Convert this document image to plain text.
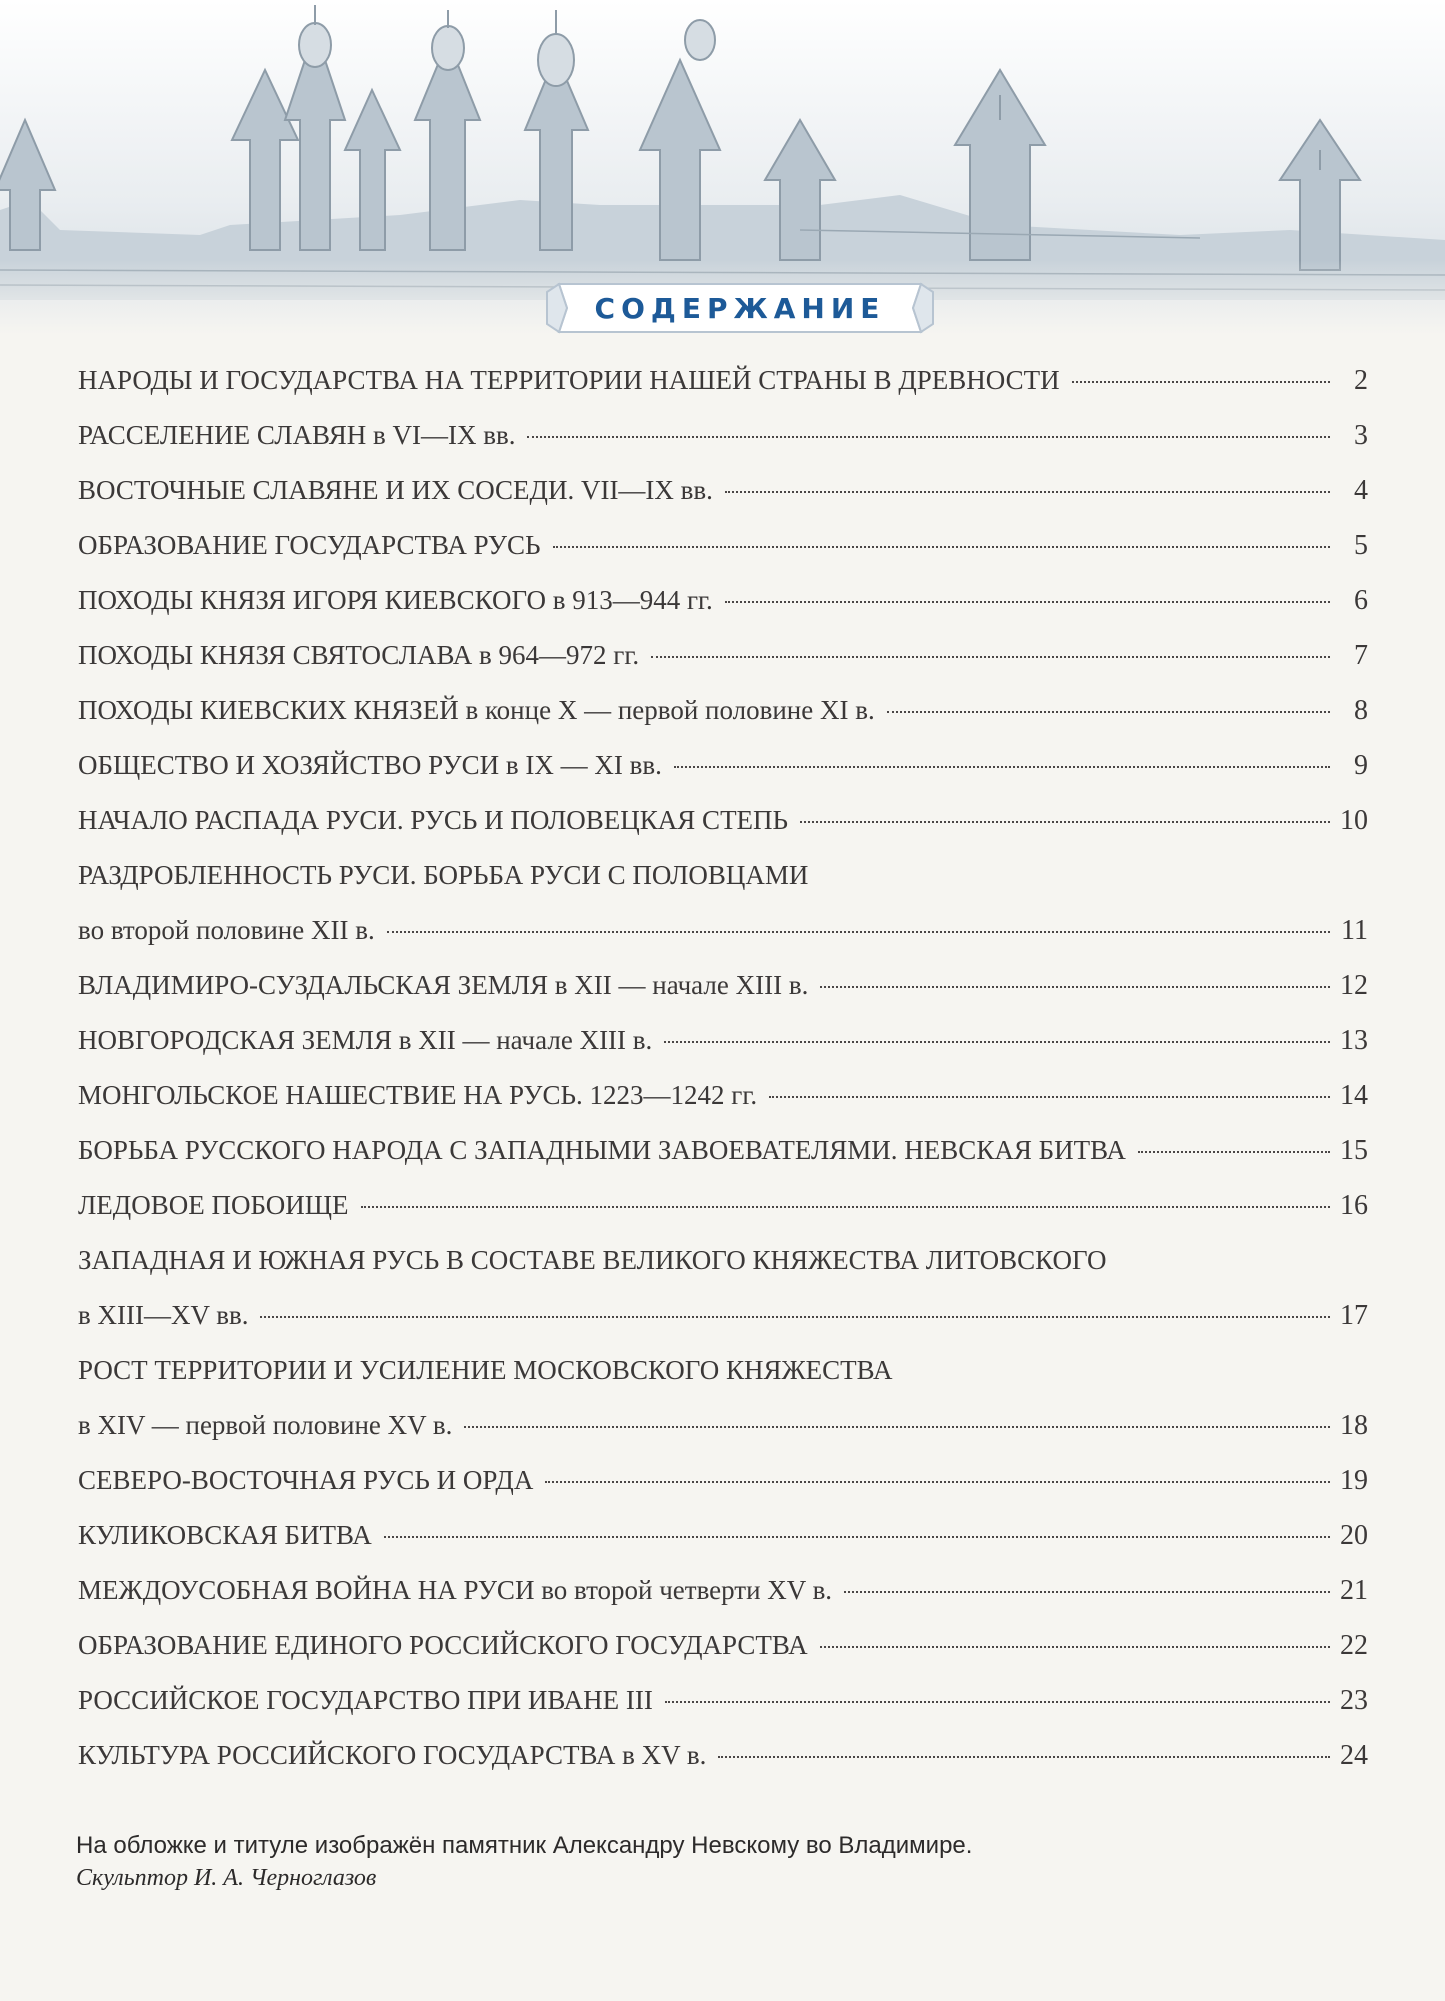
СОДЕРЖАНИЕ
НАРОДЫ И ГОСУДАРСТВА НА ТЕРРИТОРИИ НАШЕЙ СТРАНЫ В ДРЕВНОСТИ	2
РАССЕЛЕНИЕ СЛАВЯН в VI—IX вв.	3
ВОСТОЧНЫЕ СЛАВЯНЕ И ИХ СОСЕДИ. VII—IX вв.	4
ОБРАЗОВАНИЕ ГОСУДАРСТВА РУСЬ	5
ПОХОДЫ КНЯЗЯ ИГОРЯ КИЕВСКОГО в 913—944 гг.	6
ПОХОДЫ КНЯЗЯ СВЯТОСЛАВА в 964—972 гг.	7
ПОХОДЫ КИЕВСКИХ КНЯЗЕЙ в конце X — первой половине XI в.	8
ОБЩЕСТВО И ХОЗЯЙСТВО РУСИ в IX — XI вв.	9
НАЧАЛО РАСПАДА РУСИ. РУСЬ И ПОЛОВЕЦКАЯ СТЕПЬ	10
РАЗДРОБЛЕННОСТЬ РУСИ. БОРЬБА РУСИ С ПОЛОВЦАМИ
во второй половине XII в.	11
ВЛАДИМИРО-СУЗДАЛЬСКАЯ ЗЕМЛЯ в XII — начале XIII в.	12
НОВГОРОДСКАЯ ЗЕМЛЯ в XII — начале XIII в.	13
МОНГОЛЬСКОЕ НАШЕСТВИЕ НА РУСЬ. 1223—1242 гг.	14
БОРЬБА РУССКОГО НАРОДА С ЗАПАДНЫМИ ЗАВОЕВАТЕЛЯМИ. НЕВСКАЯ БИТВА	15
ЛЕДОВОЕ ПОБОИЩЕ	16
ЗАПАДНАЯ И ЮЖНАЯ РУСЬ В СОСТАВЕ ВЕЛИКОГО КНЯЖЕСТВА ЛИТОВСКОГО
в XIII—XV вв.	17
РОСТ ТЕРРИТОРИИ И УСИЛЕНИЕ МОСКОВСКОГО КНЯЖЕСТВА
в XIV — первой половине XV в.	18
СЕВЕРО-ВОСТОЧНАЯ РУСЬ И ОРДА	19
КУЛИКОВСКАЯ БИТВА	20
МЕЖДОУСОБНАЯ ВОЙНА НА РУСИ во второй четверти XV в.	21
ОБРАЗОВАНИЕ ЕДИНОГО РОССИЙСКОГО ГОСУДАРСТВА	22
РОССИЙСКОЕ ГОСУДАРСТВО ПРИ ИВАНЕ III	23
КУЛЬТУРА РОССИЙСКОГО ГОСУДАРСТВА в XV в.	24
На обложке и титуле изображён памятник Александру Невскому во Владимире.
Скульптор И. А. Черноглазов
